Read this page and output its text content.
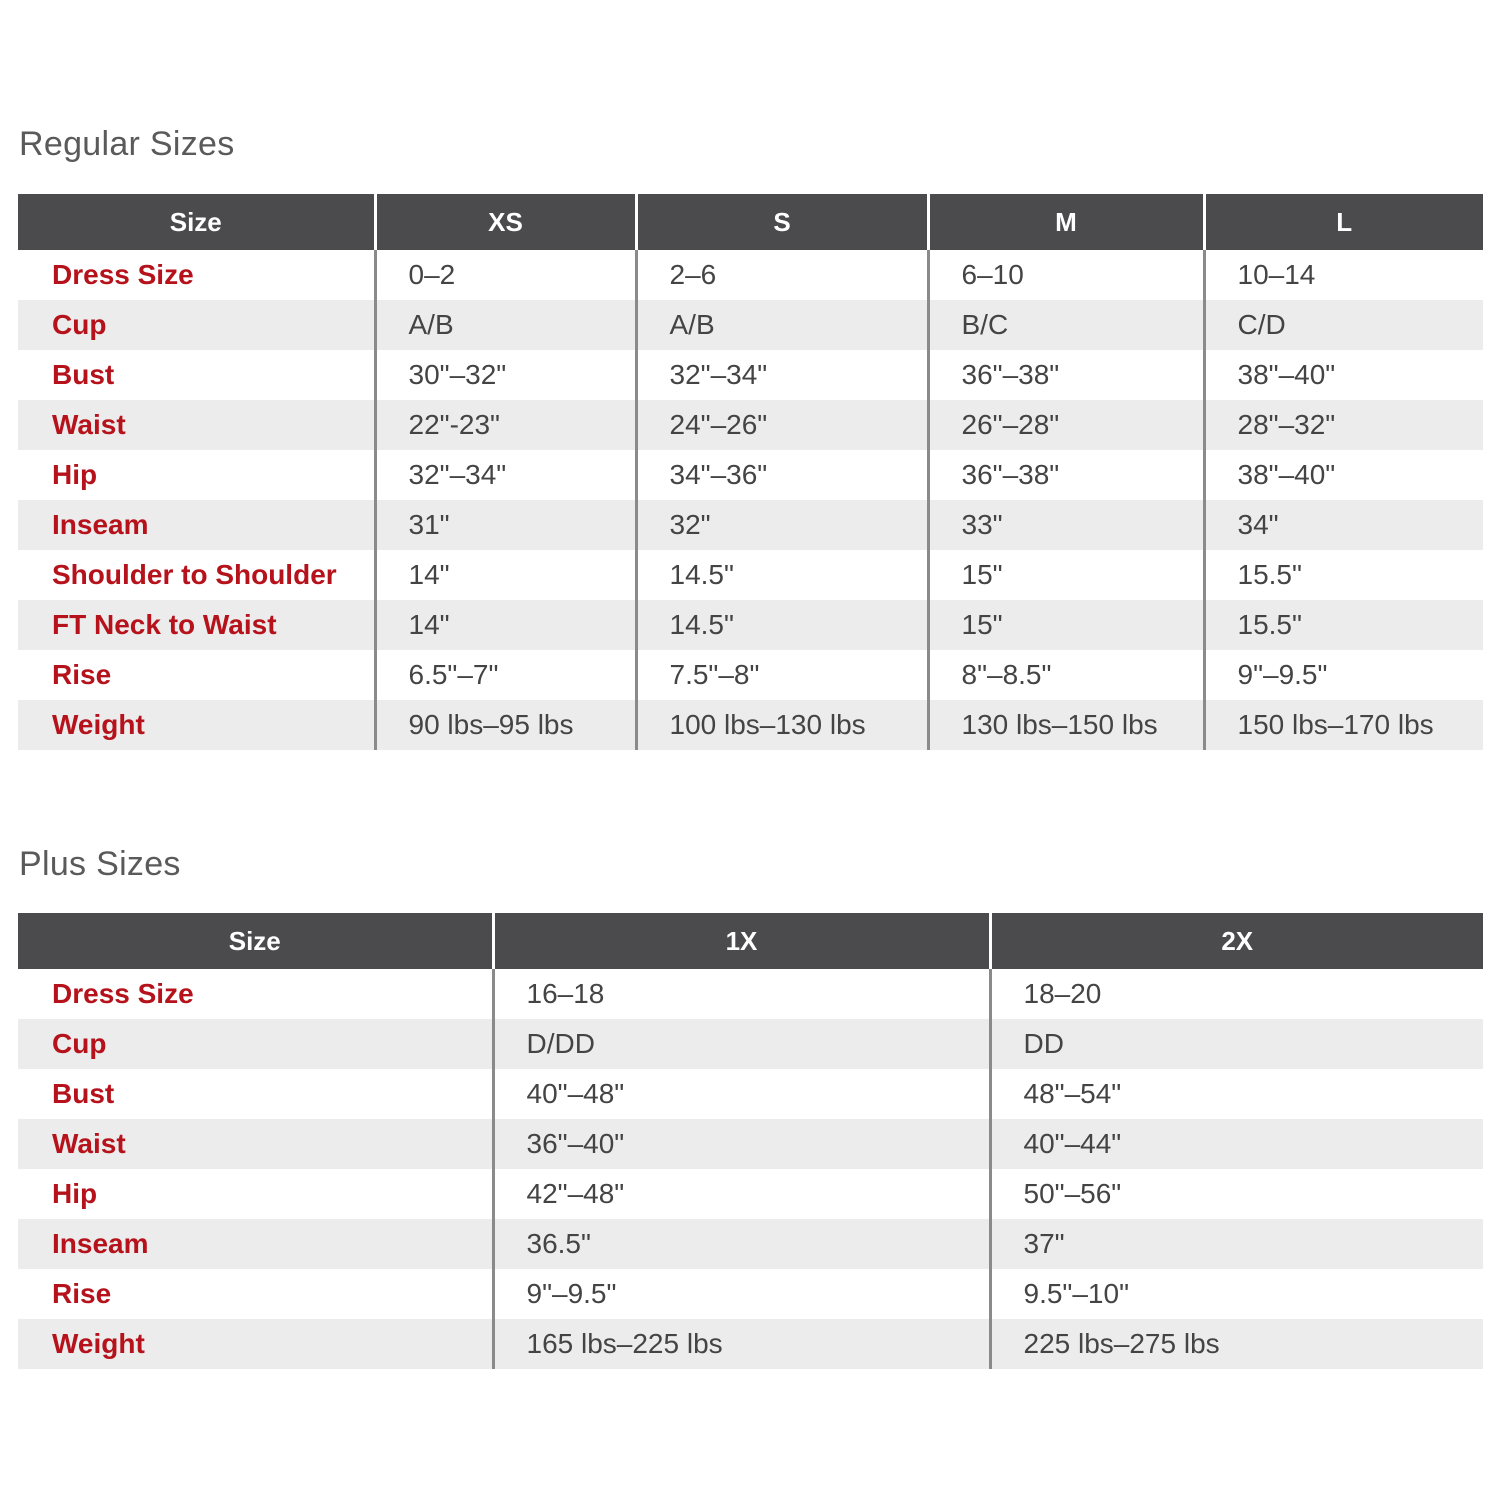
Regular Sizes
Size	XS	S	M	L
Dress Size	0–2	2–6	6–10	10–14
Cup	A/B	A/B	B/C	C/D
Bust	30"–32"	32"–34"	36"–38"	38"–40"
Waist	22"-23"	24"–26"	26"–28"	28"–32"
Hip	32"–34"	34"–36"	36"–38"	38"–40"
Inseam	31"	32"	33"	34"
Shoulder to Shoulder	14"	14.5"	15"	15.5"
FT Neck to Waist	14"	14.5"	15"	15.5"
Rise	6.5"–7"	7.5"–8"	8"–8.5"	9"–9.5"
Weight	90 lbs–95 lbs	100 lbs–130 lbs	130 lbs–150 lbs	150 lbs–170 lbs
Plus Sizes
Size	1X	2X
Dress Size	16–18	18–20
Cup	D/DD	DD
Bust	40"–48"	48"–54"
Waist	36"–40"	40"–44"
Hip	42"–48"	50"–56"
Inseam	36.5"	37"
Rise	9"–9.5"	9.5"–10"
Weight	165 lbs–225 lbs	225 lbs–275 lbs
